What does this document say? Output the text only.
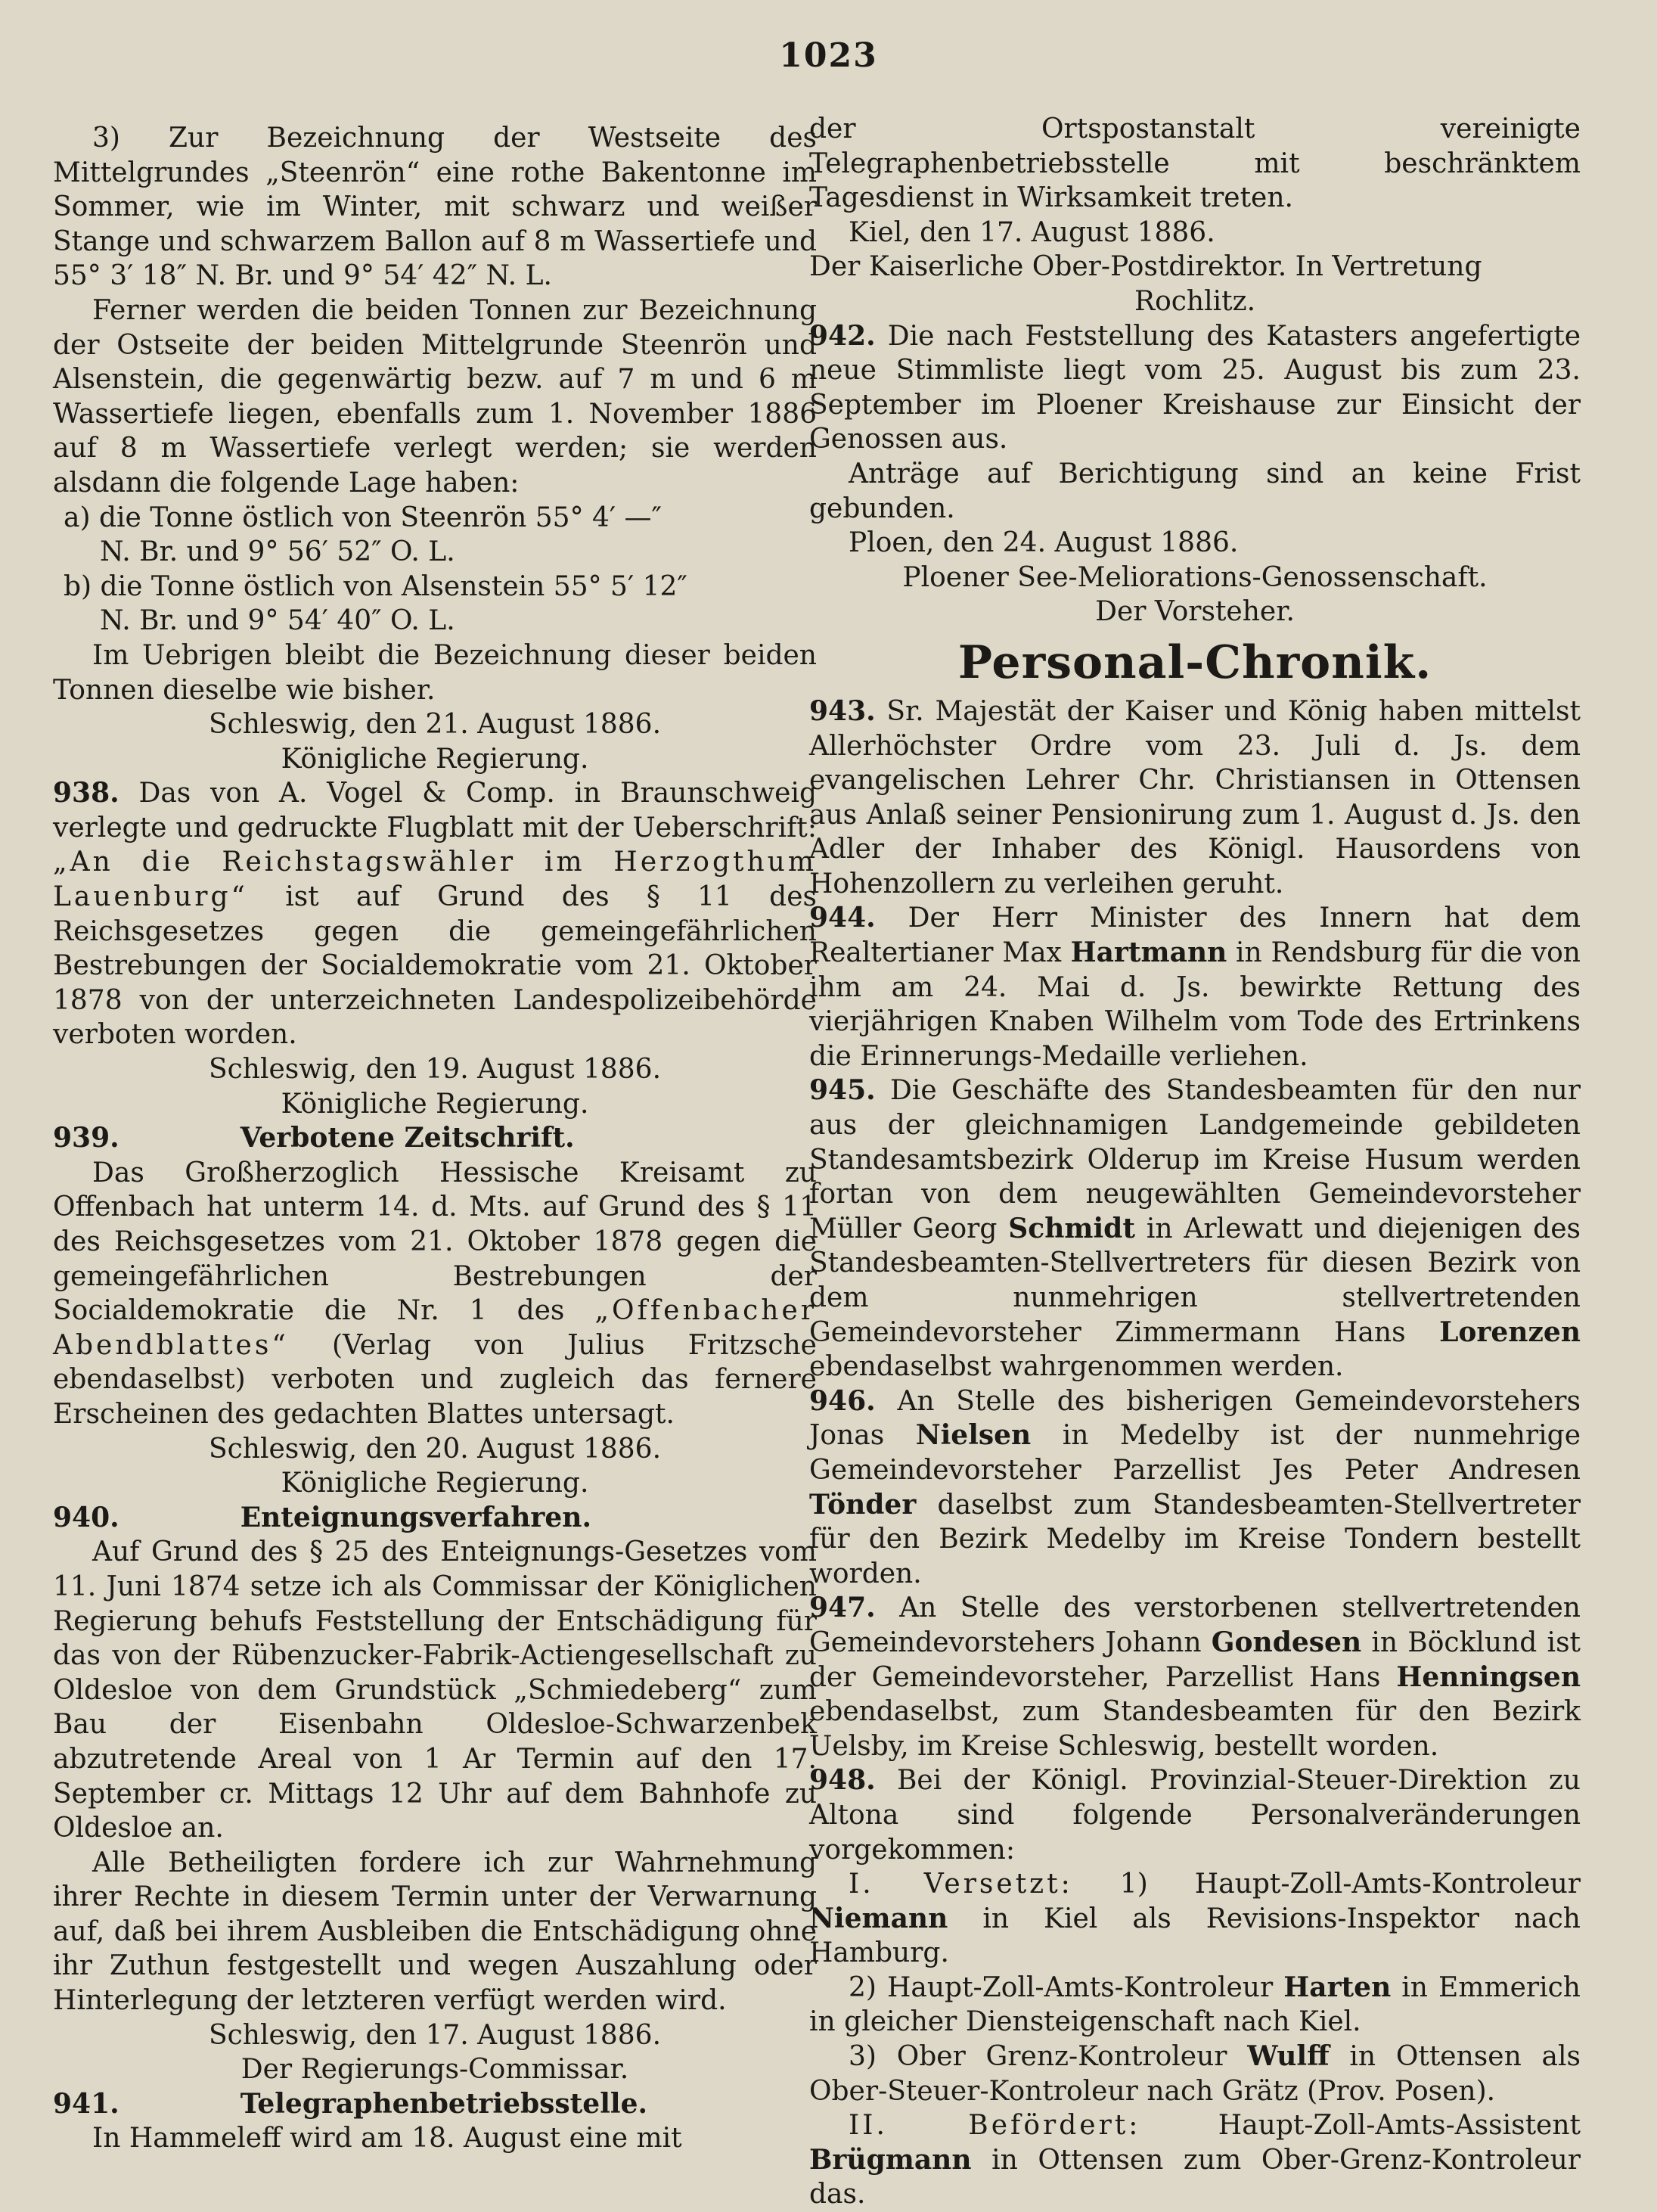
1023

3) Zur Bezeichnung der Westseite des Mittelgrundes „Steenrön“ eine rothe Bakentonne im Sommer, wie im Winter, mit schwarz und weißer Stange und schwarzem Ballon auf 8 m Wassertiefe und 55° 3′ 18″ N. Br. und 9° 54′ 42″ N. L.

Ferner werden die beiden Tonnen zur Bezeichnung der Ostseite der beiden Mittelgrunde Steenrön und Alsenstein, die gegenwärtig bezw. auf 7 m und 6 m Wassertiefe liegen, ebenfalls zum 1. November 1886 auf 8 m Wassertiefe verlegt werden; sie werden alsdann die folgende Lage haben:

a) die Tonne östlich von Steenrön 55° 4′ —″
N. Br. und 9° 56′ 52″ O. L.

b) die Tonne östlich von Alsenstein 55° 5′ 12″
N. Br. und 9° 54′ 40″ O. L.

Im Uebrigen bleibt die Bezeichnung dieser beiden Tonnen dieselbe wie bisher.

Schleswig, den 21. August 1886.

Königliche Regierung.

938. Das von A. Vogel & Comp. in Braunschweig verlegte und gedruckte Flugblatt mit der Ueberschrift: „An die Reichstagswähler im Herzogthum Lauenburg“ ist auf Grund des § 11 des Reichsgesetzes gegen die gemeingefährlichen Bestrebungen der Socialdemokratie vom 21. Oktober 1878 von der unterzeichneten Landespolizeibehörde verboten worden.

Schleswig, den 19. August 1886.

Königliche Regierung.

939.	Verbotene Zeitschrift.

Das Großherzoglich Hessische Kreisamt zu Offenbach hat unterm 14. d. Mts. auf Grund des § 11 des Reichsgesetzes vom 21. Oktober 1878 gegen die gemeingefährlichen Bestrebungen der Socialdemokratie die Nr. 1 des „Offenbacher Abendblattes“ (Verlag von Julius Fritzsche ebendaselbst) verboten und zugleich das fernere Erscheinen des gedachten Blattes untersagt.

Schleswig, den 20. August 1886.

Königliche Regierung.

940.	Enteignungsverfahren.

Auf Grund des § 25 des Enteignungs-Gesetzes vom 11. Juni 1874 setze ich als Commissar der Königlichen Regierung behufs Feststellung der Entschädigung für das von der Rübenzucker-Fabrik-Actiengesellschaft zu Oldesloe von dem Grundstück „Schmiedeberg“ zum Bau der Eisenbahn Oldesloe-Schwarzenbek abzutretende Areal von 1 Ar Termin auf den 17. September cr. Mittags 12 Uhr auf dem Bahnhofe zu Oldesloe an.

Alle Betheiligten fordere ich zur Wahrnehmung ihrer Rechte in diesem Termin unter der Verwarnung auf, daß bei ihrem Ausbleiben die Entschädigung ohne ihr Zuthun festgestellt und wegen Auszahlung oder Hinterlegung der letzteren verfügt werden wird.

Schleswig, den 17. August 1886.

Der Regierungs-Commissar.

941.	Telegraphenbetriebsstelle.

In Hammeleff wird am 18. August eine mit

der Ortspostanstalt vereinigte Telegraphenbetriebsstelle mit beschränktem Tagesdienst in Wirksamkeit treten.

Kiel, den 17. August 1886.

Der Kaiserliche Ober-Postdirektor. In Vertretung

Rochlitz.

942. Die nach Feststellung des Katasters angefertigte neue Stimmliste liegt vom 25. August bis zum 23. September im Ploener Kreishause zur Einsicht der Genossen aus.

Anträge auf Berichtigung sind an keine Frist gebunden.

Ploen, den 24. August 1886.

Ploener See-Meliorations-Genossenschaft.

Der Vorsteher.

Personal-Chronik.

943. Sr. Majestät der Kaiser und König haben mittelst Allerhöchster Ordre vom 23. Juli d. Js. dem evangelischen Lehrer Chr. Christiansen in Ottensen aus Anlaß seiner Pensionirung zum 1. August d. Js. den Adler der Inhaber des Königl. Hausordens von Hohenzollern zu verleihen geruht.

944. Der Herr Minister des Innern hat dem Realtertianer Max Hartmann in Rendsburg für die von ihm am 24. Mai d. Js. bewirkte Rettung des vierjährigen Knaben Wilhelm vom Tode des Ertrinkens die Erinnerungs-Medaille verliehen.

945. Die Geschäfte des Standesbeamten für den nur aus der gleichnamigen Landgemeinde gebildeten Standesamtsbezirk Olderup im Kreise Husum werden fortan von dem neugewählten Gemeindevorsteher Müller Georg Schmidt in Arlewatt und diejenigen des Standesbeamten-Stellvertreters für diesen Bezirk von dem nunmehrigen stellvertretenden Gemeindevorsteher Zimmermann Hans Lorenzen ebendaselbst wahrgenommen werden.

946. An Stelle des bisherigen Gemeindevorstehers Jonas Nielsen in Medelby ist der nunmehrige Gemeindevorsteher Parzellist Jes Peter Andresen Tönder daselbst zum Standesbeamten-Stellvertreter für den Bezirk Medelby im Kreise Tondern bestellt worden.

947. An Stelle des verstorbenen stellvertretenden Gemeindevorstehers Johann Gondesen in Böcklund ist der Gemeindevorsteher, Parzellist Hans Henningsen ebendaselbst, zum Standesbeamten für den Bezirk Uelsby, im Kreise Schleswig, bestellt worden.

948. Bei der Königl. Provinzial-Steuer-Direktion zu Altona sind folgende Personalveränderungen vorgekommen:

I. Versetzt: 1) Haupt-Zoll-Amts-Kontroleur Niemann in Kiel als Revisions-Inspektor nach Hamburg.

2) Haupt-Zoll-Amts-Kontroleur Harten in Emmerich in gleicher Diensteigenschaft nach Kiel.

3) Ober Grenz-Kontroleur Wulff in Ottensen als Ober-Steuer-Kontroleur nach Grätz (Prov. Posen).

II. Befördert:	Haupt-Zoll-Amts-Assistent Brügmann in Ottensen zum Ober-Grenz-Kontroleur das.
